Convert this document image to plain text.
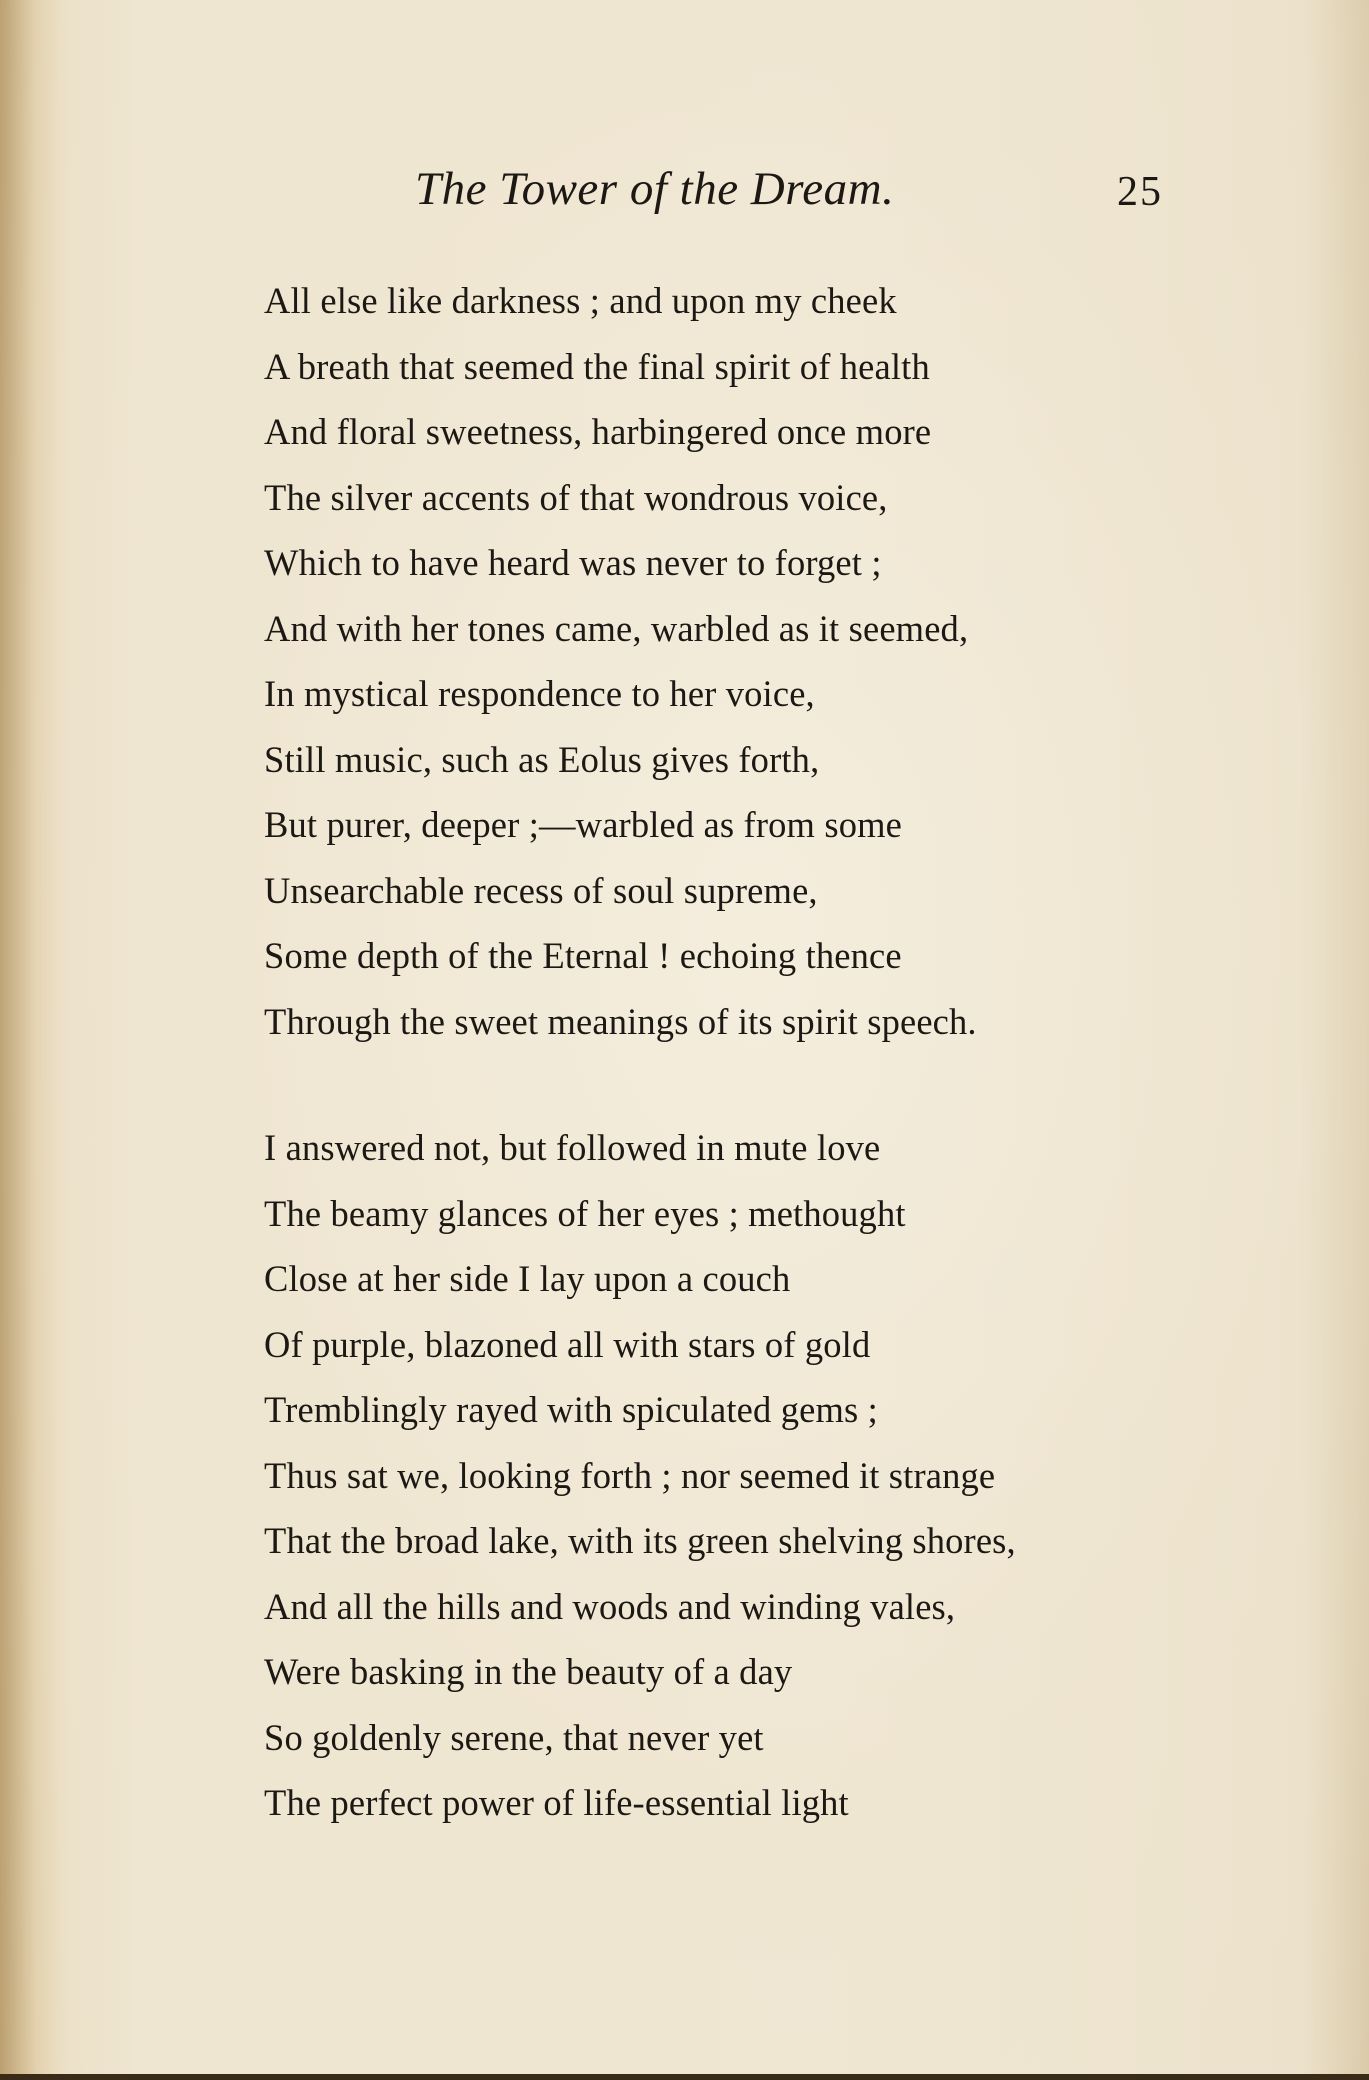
The Tower of the Dream.	25
All else like darkness ; and upon my cheek
A breath that seemed the final spirit of health
And floral sweetness, harbingered once more
The silver accents of that wondrous voice,
Which to have heard was never to forget ;
And with her tones came, warbled as it seemed,
In mystical respondence to her voice,
Still music, such as Eolus gives forth,
But purer, deeper ;—warbled as from some
Unsearchable recess of soul supreme,
Some depth of the Eternal ! echoing thence
Through the sweet meanings of its spirit speech.
I answered not, but followed in mute love
The beamy glances of her eyes ; methought
Close at her side I lay upon a couch
Of purple, blazoned all with stars of gold
Tremblingly rayed with spiculated gems ;
Thus sat we, looking forth ; nor seemed it strange
That the broad lake, with its green shelving shores,
And all the hills and woods and winding vales,
Were basking in the beauty of a day
So goldenly serene, that never yet
The perfect power of life-essential light
